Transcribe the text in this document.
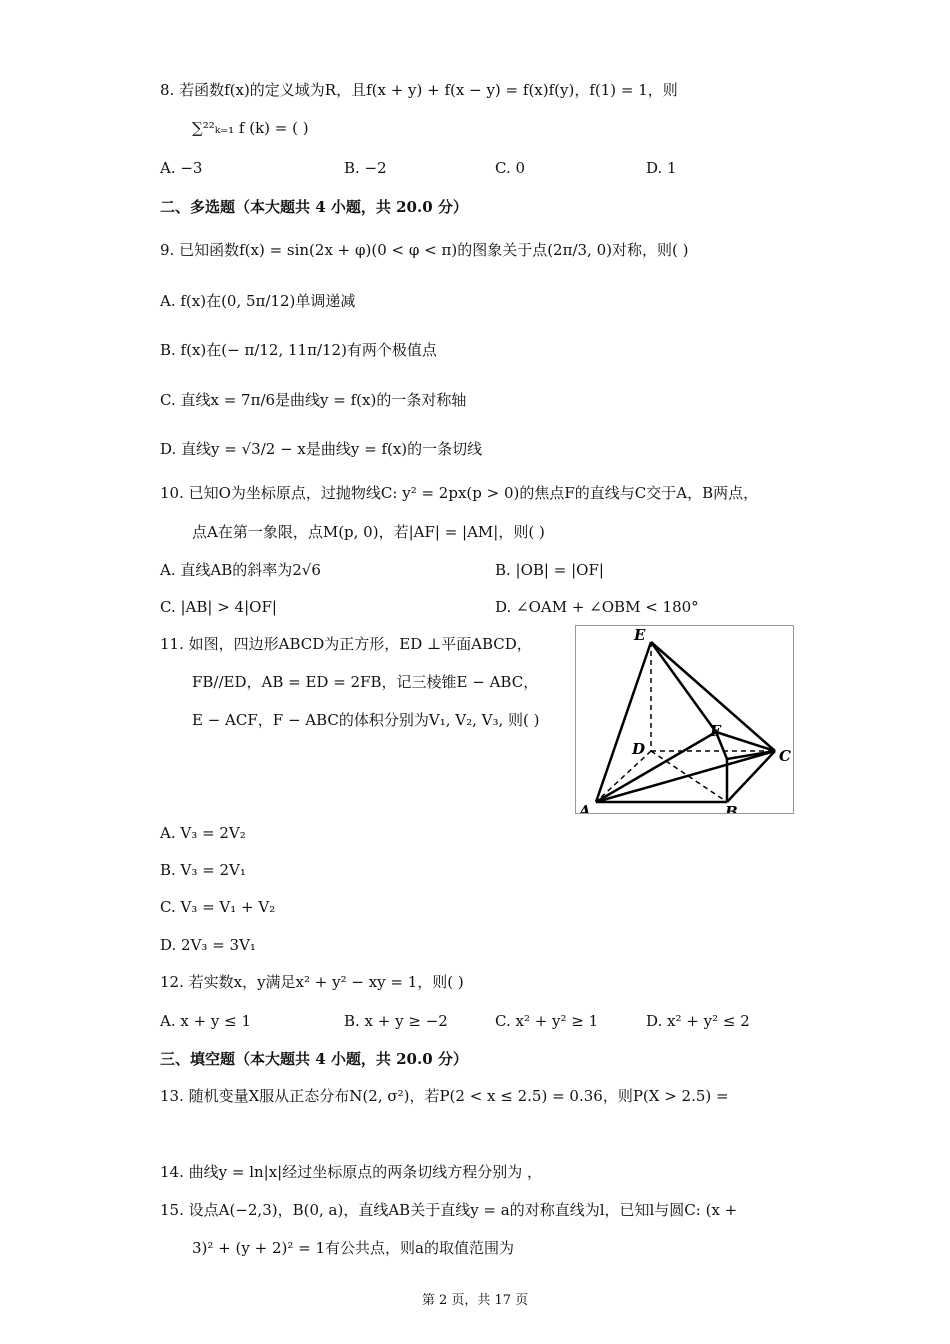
8. 若函数f(x)的定义域为R，且f(x + y) + f(x − y) = f(x)f(y)，f(1) = 1，则
∑²²ₖ₌₁ f (k) = ( )
A. −3	B. −2	C. 0	D. 1
二、多选题（本大题共 4 小题，共 20.0 分）
9. 已知函数f(x) = sin(2x + φ)(0 < φ < π)的图象关于点(2π/3, 0)对称，则( )
A. f(x)在(0, 5π/12)单调递减
B. f(x)在(− π/12, 11π/12)有两个极值点
C. 直线x = 7π/6是曲线y = f(x)的一条对称轴
D. 直线y = √3/2 − x是曲线y = f(x)的一条切线
10. 已知O为坐标原点，过抛物线C: y² = 2px(p > 0)的焦点F的直线与C交于A，B两点，
点A在第一象限，点M(p, 0)，若|AF| = |AM|，则( )
A. 直线AB的斜率为2√6	B. |OB| = |OF|
C. |AB| > 4|OF|	D. ∠OAM + ∠OBM < 180°
11. 如图，四边形ABCD为正方形，ED ⊥平面ABCD，
FB//ED，AB = ED = 2FB，记三棱锥E − ABC，
E − ACF，F − ABC的体积分别为V₁, V₂, V₃, 则( )
E
F
D	C
A	B
A. V₃ = 2V₂
B. V₃ = 2V₁
C. V₃ = V₁ + V₂
D. 2V₃ = 3V₁
12. 若实数x，y满足x² + y² − xy = 1，则( )
A. x + y ≤ 1	B. x + y ≥ −2	C. x² + y² ≥ 1	D. x² + y² ≤ 2
三、填空题（本大题共 4 小题，共 20.0 分）
13. 随机变量X服从正态分布N(2, σ²)，若P(2 < x ≤ 2.5) = 0.36，则P(X > 2.5) =
14. 曲线y = ln|x|经过坐标原点的两条切线方程分别为 ，
15. 设点A(−2,3)，B(0, a)，直线AB关于直线y = a的对称直线为l，已知l与圆C: (x +
3)² + (y + 2)² = 1有公共点，则a的取值范围为
第 2 页，共 17 页
